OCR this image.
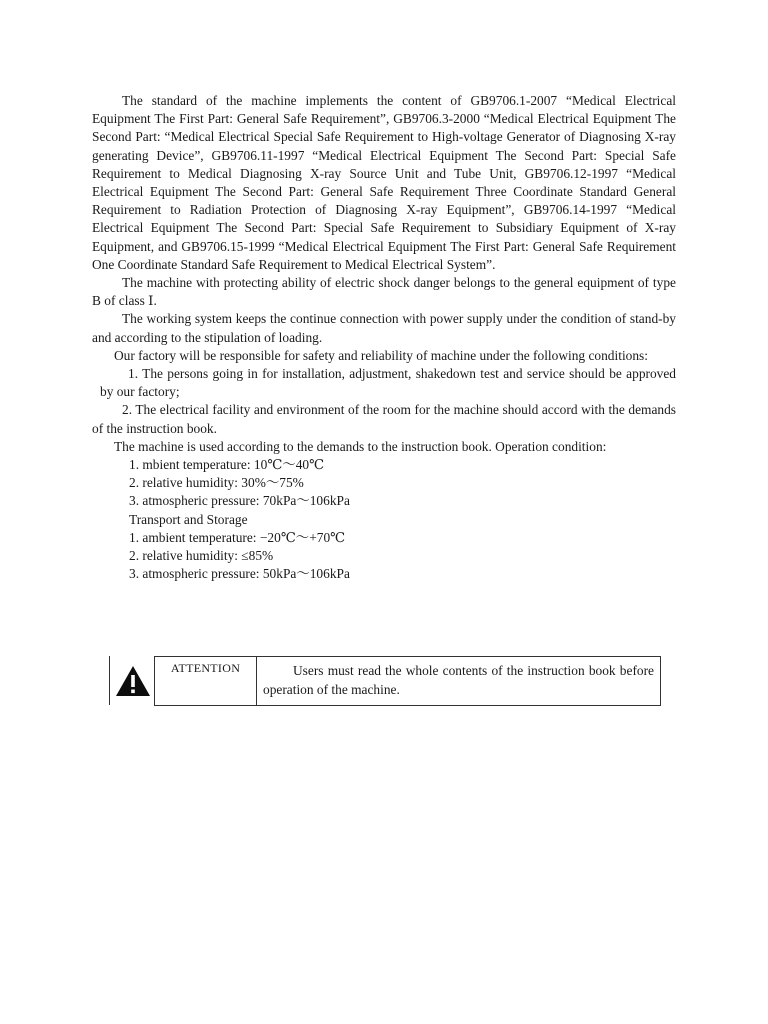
The standard of the machine implements the content of GB9706.1-2007 “Medical Electrical Equipment The First Part: General Safe Requirement”, GB9706.3-2000 “Medical Electrical Equipment The Second Part: “Medical Electrical Special Safe Requirement to High-voltage Generator of Diagnosing X-ray generating Device”, GB9706.11-1997 “Medical Electrical Equipment The Second Part: Special Safe Requirement to Medical Diagnosing X-ray Source Unit and Tube Unit, GB9706.12-1997 “Medical Electrical Equipment The Second Part: General Safe Requirement Three Coordinate Standard General Requirement to Radiation Protection of Diagnosing X-ray Equipment”, GB9706.14-1997 “Medical Electrical Equipment The Second Part: Special Safe Requirement to Subsidiary Equipment of X-ray Equipment, and GB9706.15-1999 “Medical Electrical Equipment The First Part: General Safe Requirement One Coordinate Standard Safe Requirement to Medical Electrical System”.

The machine with protecting ability of electric shock danger belongs to the general equipment of type B of class Ⅰ.

The working system keeps the continue connection with power supply under the condition of stand-by and according to the stipulation of loading.

Our factory will be responsible for safety and reliability of machine under the following conditions:

1. The persons going in for installation, adjustment, shakedown test and service should be approved by our factory;

2. The electrical facility and environment of the room for the machine should accord with the demands of the instruction book.

The machine is used according to the demands to the instruction book. Operation condition:

1. mbient temperature: 10℃～40℃

2. relative humidity: 30%～75%

3. atmospheric pressure: 70kPa～106kPa

Transport and Storage

1. ambient temperature: −20℃～+70℃

2. relative humidity: ≤85%

3. atmospheric pressure: 50kPa～106kPa

ATTENTION	Users must read the whole contents of the instruction book before operation of the machine.
